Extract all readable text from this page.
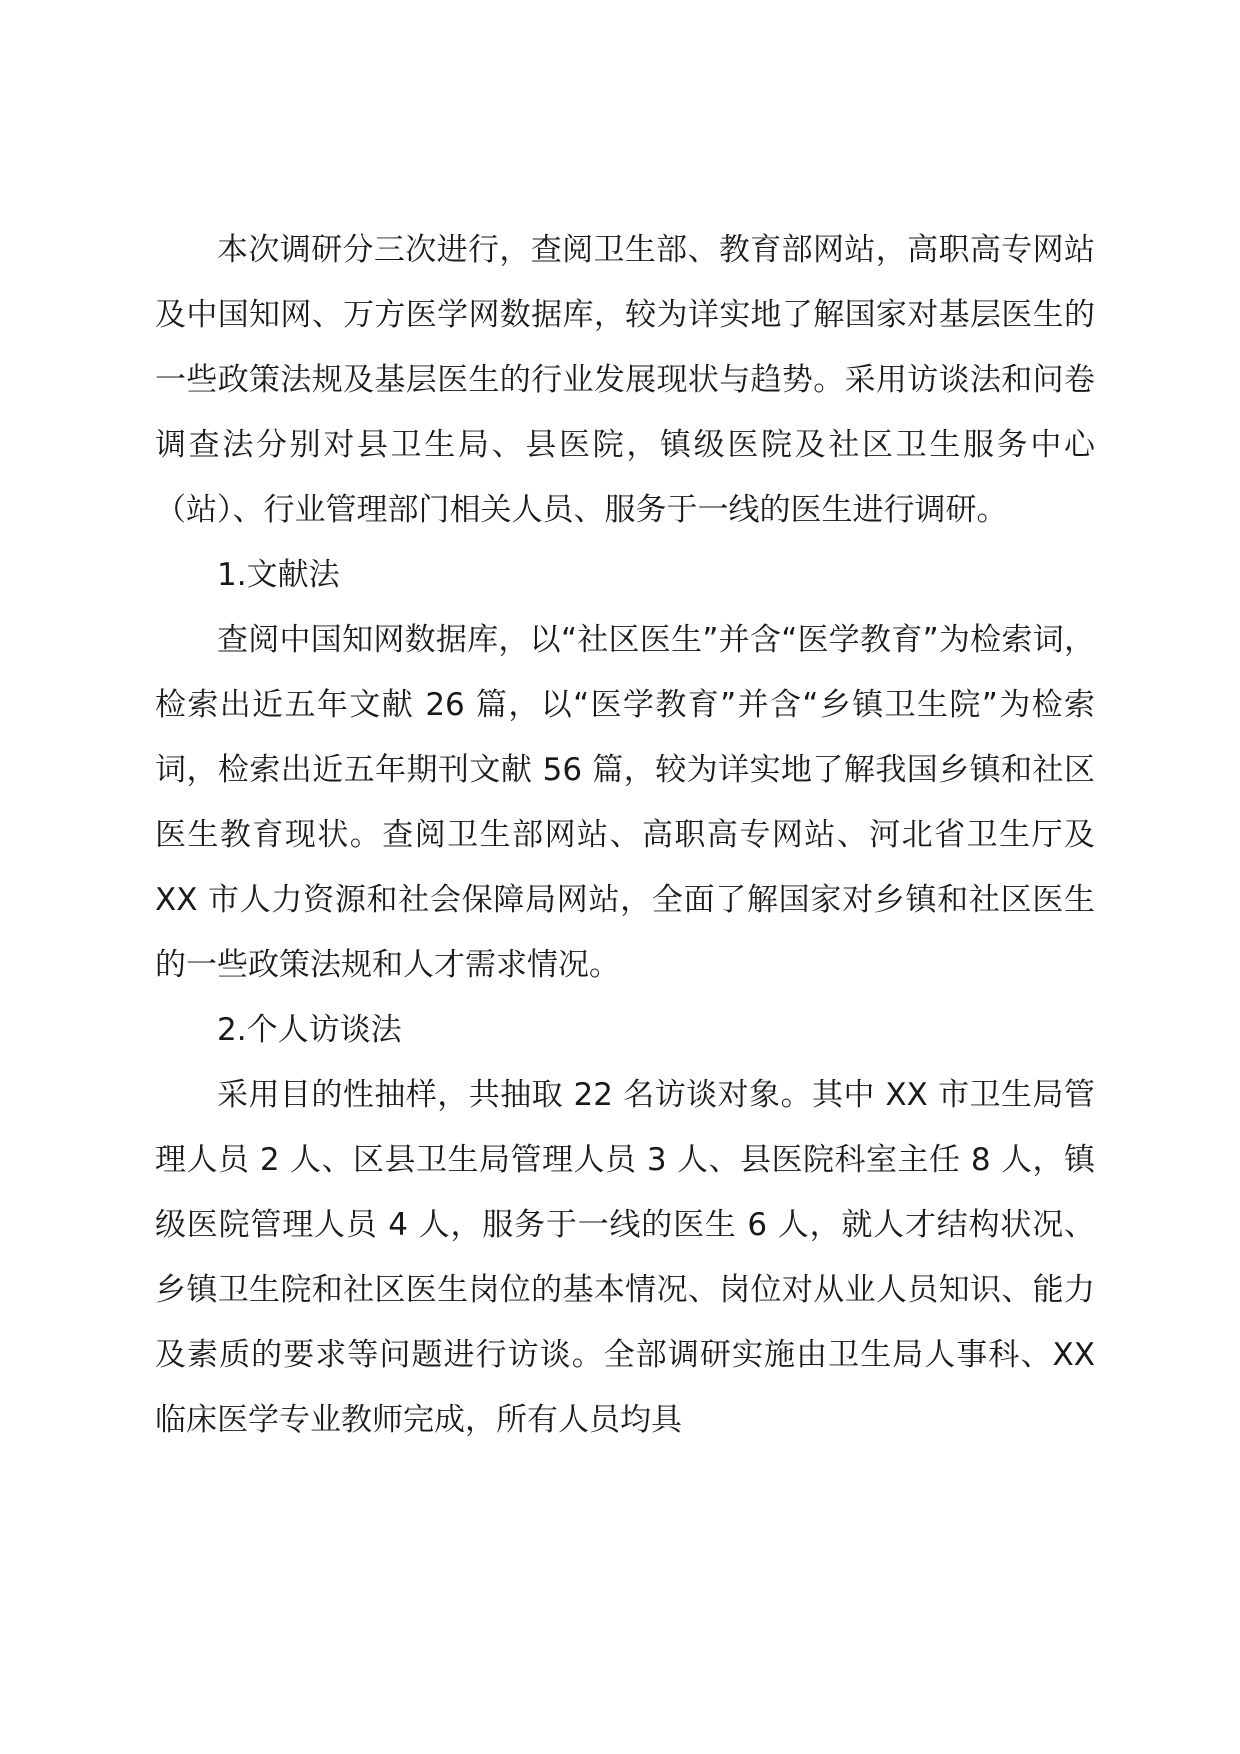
本次调研分三次进行，查阅卫生部、教育部网站，高职高专网站及中国知网、万方医学网数据库，较为详实地了解国家对基层医生的一些政策法规及基层医生的行业发展现状与趋势。采用访谈法和问卷调查法分别对县卫生局、县医院，镇级医院及社区卫生服务中心（站）、行业管理部门相关人员、服务于一线的医生进行调研。

1.文献法

查阅中国知网数据库，以“社区医生”并含“医学教育”为检索词，检索出近五年文献 26 篇，以“医学教育”并含“乡镇卫生院”为检索词，检索出近五年期刊文献 56 篇，较为详实地了解我国乡镇和社区医生教育现状。查阅卫生部网站、高职高专网站、河北省卫生厅及 XX 市人力资源和社会保障局网站，全面了解国家对乡镇和社区医生的一些政策法规和人才需求情况。

2.个人访谈法

采用目的性抽样，共抽取 22 名访谈对象。其中 XX 市卫生局管理人员 2 人、区县卫生局管理人员 3 人、县医院科室主任 8 人，镇级医院管理人员 4 人，服务于一线的医生 6 人，就人才结构状况、乡镇卫生院和社区医生岗位的基本情况、岗位对从业人员知识、能力及素质的要求等问题进行访谈。全部调研实施由卫生局人事科、XX 临床医学专业教师完成，所有人员均具
